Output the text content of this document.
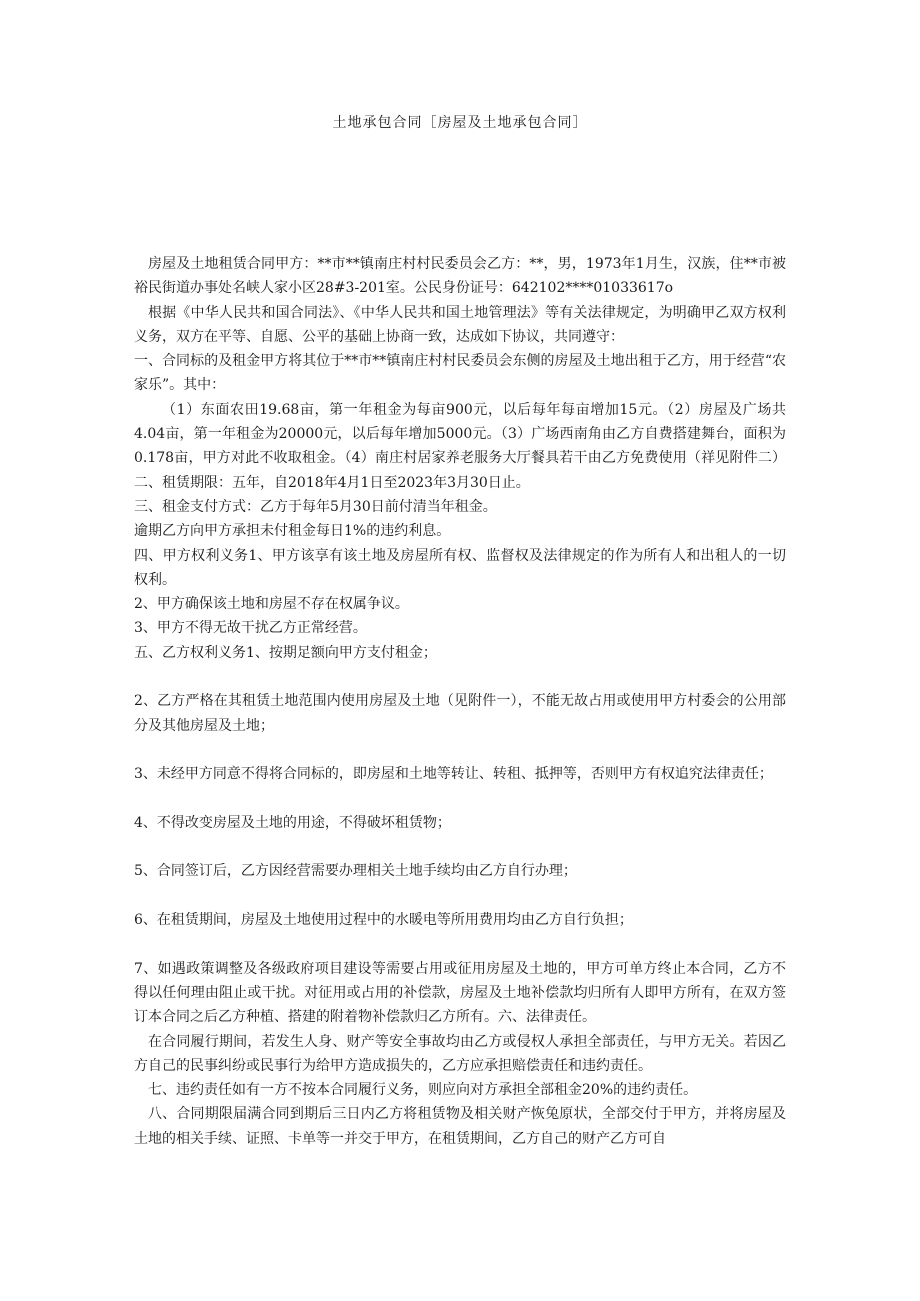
土地承包合同［房屋及土地承包合同］

房屋及土地租赁合同甲方：**市**镇南庄村村民委员会乙方：**，男，1973年1月生，汉族，住**市被裕民街道办事处名峡人家小区28#3-201室。公民身份证号：642102****01033617o

根据《中华人民共和国合同法》、《中华人民共和国土地管理法》等有关法律规定，为明确甲乙双方权利义务，双方在平等、自愿、公平的基础上协商一致，达成如下协议，共同遵守：

一、合同标的及租金甲方将其位于**市**镇南庄村村民委员会东侧的房屋及土地出租于乙方，用于经营“农家乐”。其中：

（1）东面农田19.68亩，第一年租金为每亩900元，以后每年每亩增加15元。（2）房屋及广场共4.04亩，第一年租金为20000元，以后每年增加5000元。（3）广场西南角由乙方自费搭建舞台，面积为0.178亩，甲方对此不收取租金。（4）南庄村居家养老服务大厅餐具若干由乙方免费使用（祥见附件二）二、租赁期限：五年，自2018年4月1日至2023年3月30日止。

三、租金支付方式：乙方于每年5月30日前付清当年租金。

逾期乙方向甲方承担未付租金每日1%的违约利息。

四、甲方权利义务1、甲方该享有该土地及房屋所有权、监督权及法律规定的作为所有人和出租人的一切权利。

2、甲方确保该土地和房屋不存在权属争议。

3、甲方不得无故干扰乙方正常经营。

五、乙方权利义务1、按期足额向甲方支付租金；

2、乙方严格在其租赁土地范围内使用房屋及土地（见附件一），不能无故占用或使用甲方村委会的公用部分及其他房屋及土地；

3、未经甲方同意不得将合同标的，即房屋和土地等转让、转租、抵押等，否则甲方有权追究法律责任；

4、不得改变房屋及土地的用途，不得破坏租赁物；

5、合同签订后，乙方因经营需要办理相关土地手续均由乙方自行办理；

6、在租赁期间，房屋及土地使用过程中的水暖电等所用费用均由乙方自行负担；

7、如遇政策调整及各级政府项目建设等需要占用或征用房屋及土地的，甲方可单方终止本合同，乙方不得以任何理由阻止或干扰。对征用或占用的补偿款，房屋及土地补偿款均归所有人即甲方所有，在双方签订本合同之后乙方种植、搭建的附着物补偿款归乙方所有。六、法律责任。

在合同履行期间，若发生人身、财产等安全事故均由乙方或侵权人承担全部责任，与甲方无关。若因乙方自己的民事纠纷或民事行为给甲方造成损失的，乙方应承担赔偿责任和违约责任。

七、违约责任如有一方不按本合同履行义务，则应向对方承担全部租金20%的违约责任。

八、合同期限届满合同到期后三日内乙方将租赁物及相关财产恢兔原状，全部交付于甲方，并将房屋及土地的相关手续、证照、卡单等一并交于甲方，在租赁期间，乙方自己的财产乙方可自
